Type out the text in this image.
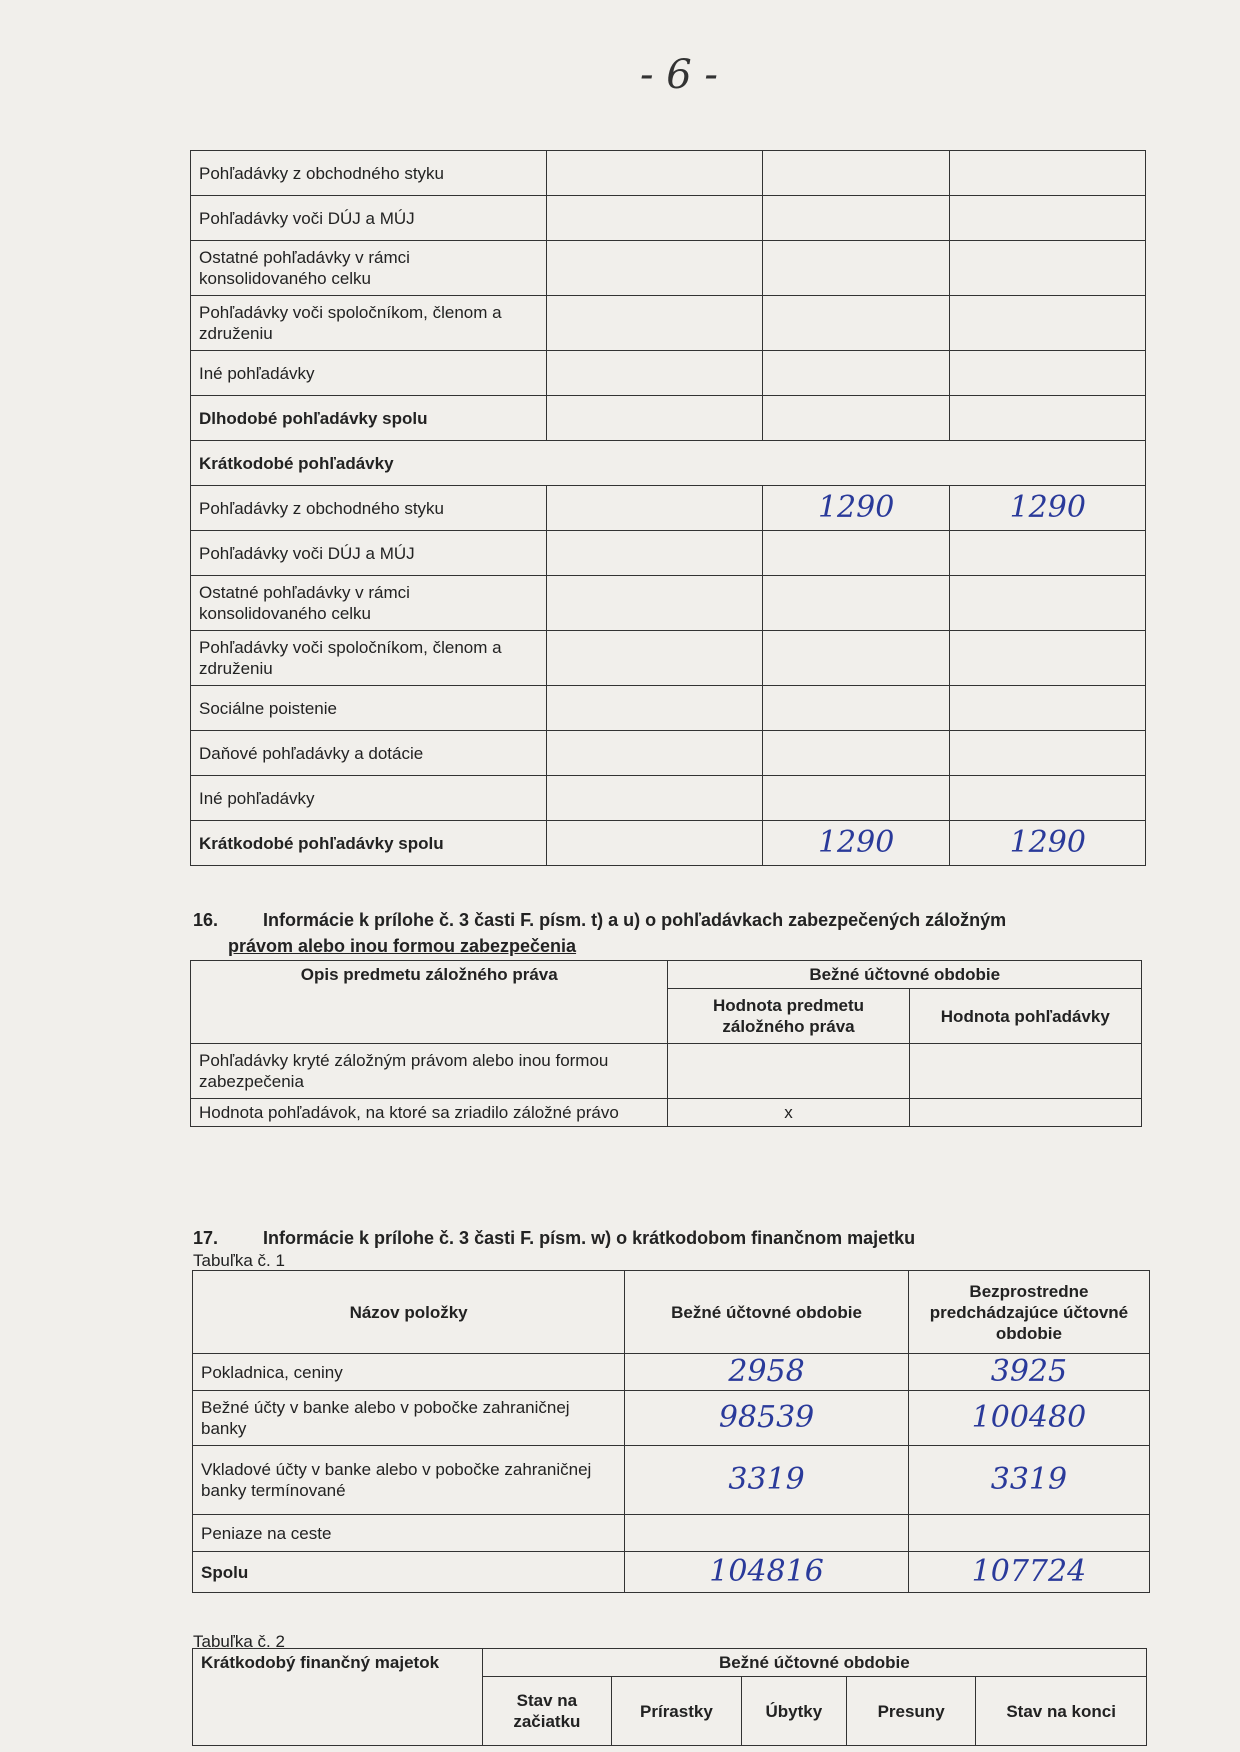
- 6 -
Pohľadávky z obchodného styku			
Pohľadávky voči DÚJ a MÚJ			
Ostatné pohľadávky v rámci konsolidovaného celku			
Pohľadávky voči spoločníkom, členom a združeniu			
Iné pohľadávky			
Dlhodobé pohľadávky spolu			
Krátkodobé pohľadávky			
Pohľadávky z obchodného styku		1290	1290
Pohľadávky voči DÚJ a MÚJ			
Ostatné pohľadávky v rámci konsolidovaného celku			
Pohľadávky voči spoločníkom, členom a združeniu			
Sociálne poistenie			
Daňové pohľadávky a dotácie			
Iné pohľadávky			
Krátkodobé pohľadávky spolu		1290	1290
16. Informácie k prílohe č. 3 časti F. písm. t) a u) o pohľadávkach zabezpečených záložným
právom alebo inou formou zabezpečenia
Opis predmetu záložného práva	Bežné účtovné obdobie	
	Hodnota predmetu záložného práva	Hodnota pohľadávky
Pohľadávky kryté záložným právom alebo inou formou zabezpečenia		
Hodnota pohľadávok, na ktoré sa zriadilo záložné právo	x	
17. Informácie k prílohe č. 3 časti F. písm. w) o krátkodobom finančnom majetku
Tabuľka č. 1
Názov položky	Bežné účtovné obdobie	Bezprostredne predchádzajúce účtovné obdobie
Pokladnica, ceniny	2958	3925
Bežné účty v banke alebo v pobočke zahraničnej banky	98539	100480
Vkladové účty v banke alebo v pobočke zahraničnej banky termínované	3319	3319
Peniaze na ceste		
Spolu	104816	107724
Tabuľka č. 2
Krátkodobý finančný majetok	Bežné účtovné obdobie				
	Stav na začiatku	Prírastky	Úbytky	Presuny	Stav na konci
